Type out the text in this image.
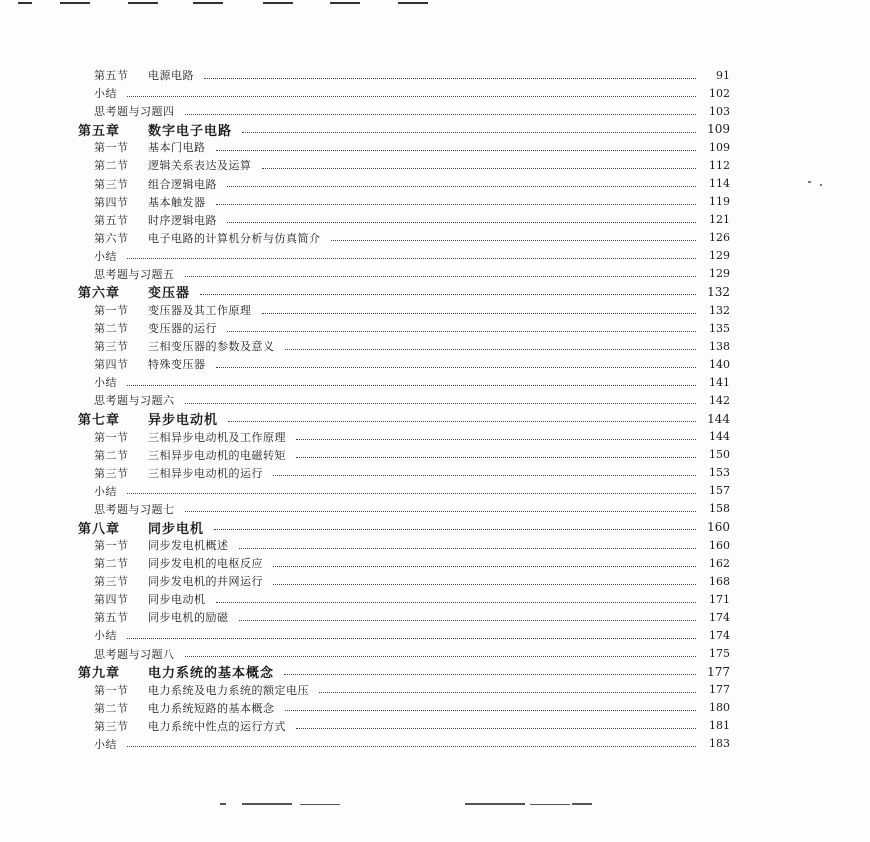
第五节 电源电路	91
小结	102
思考题与习题四	103
第五章 数字电子电路	109
第一节 基本门电路	109
第二节 逻辑关系表达及运算	112
第三节 组合逻辑电路	114
第四节 基本触发器	119
第五节 时序逻辑电路	121
第六节 电子电路的计算机分析与仿真简介	126
小结	129
思考题与习题五	129
第六章 变压器	132
第一节 变压器及其工作原理	132
第二节 变压器的运行	135
第三节 三相变压器的参数及意义	138
第四节 特殊变压器	140
小结	141
思考题与习题六	142
第七章 异步电动机	144
第一节 三相异步电动机及工作原理	144
第二节 三相异步电动机的电磁转矩	150
第三节 三相异步电动机的运行	153
小结	157
思考题与习题七	158
第八章 同步电机	160
第一节 同步发电机概述	160
第二节 同步发电机的电枢反应	162
第三节 同步发电机的并网运行	168
第四节 同步电动机	171
第五节 同步电机的励磁	174
小结	174
思考题与习题八	175
第九章 电力系统的基本概念	177
第一节 电力系统及电力系统的额定电压	177
第二节 电力系统短路的基本概念	180
第三节 电力系统中性点的运行方式	181
小结	183
